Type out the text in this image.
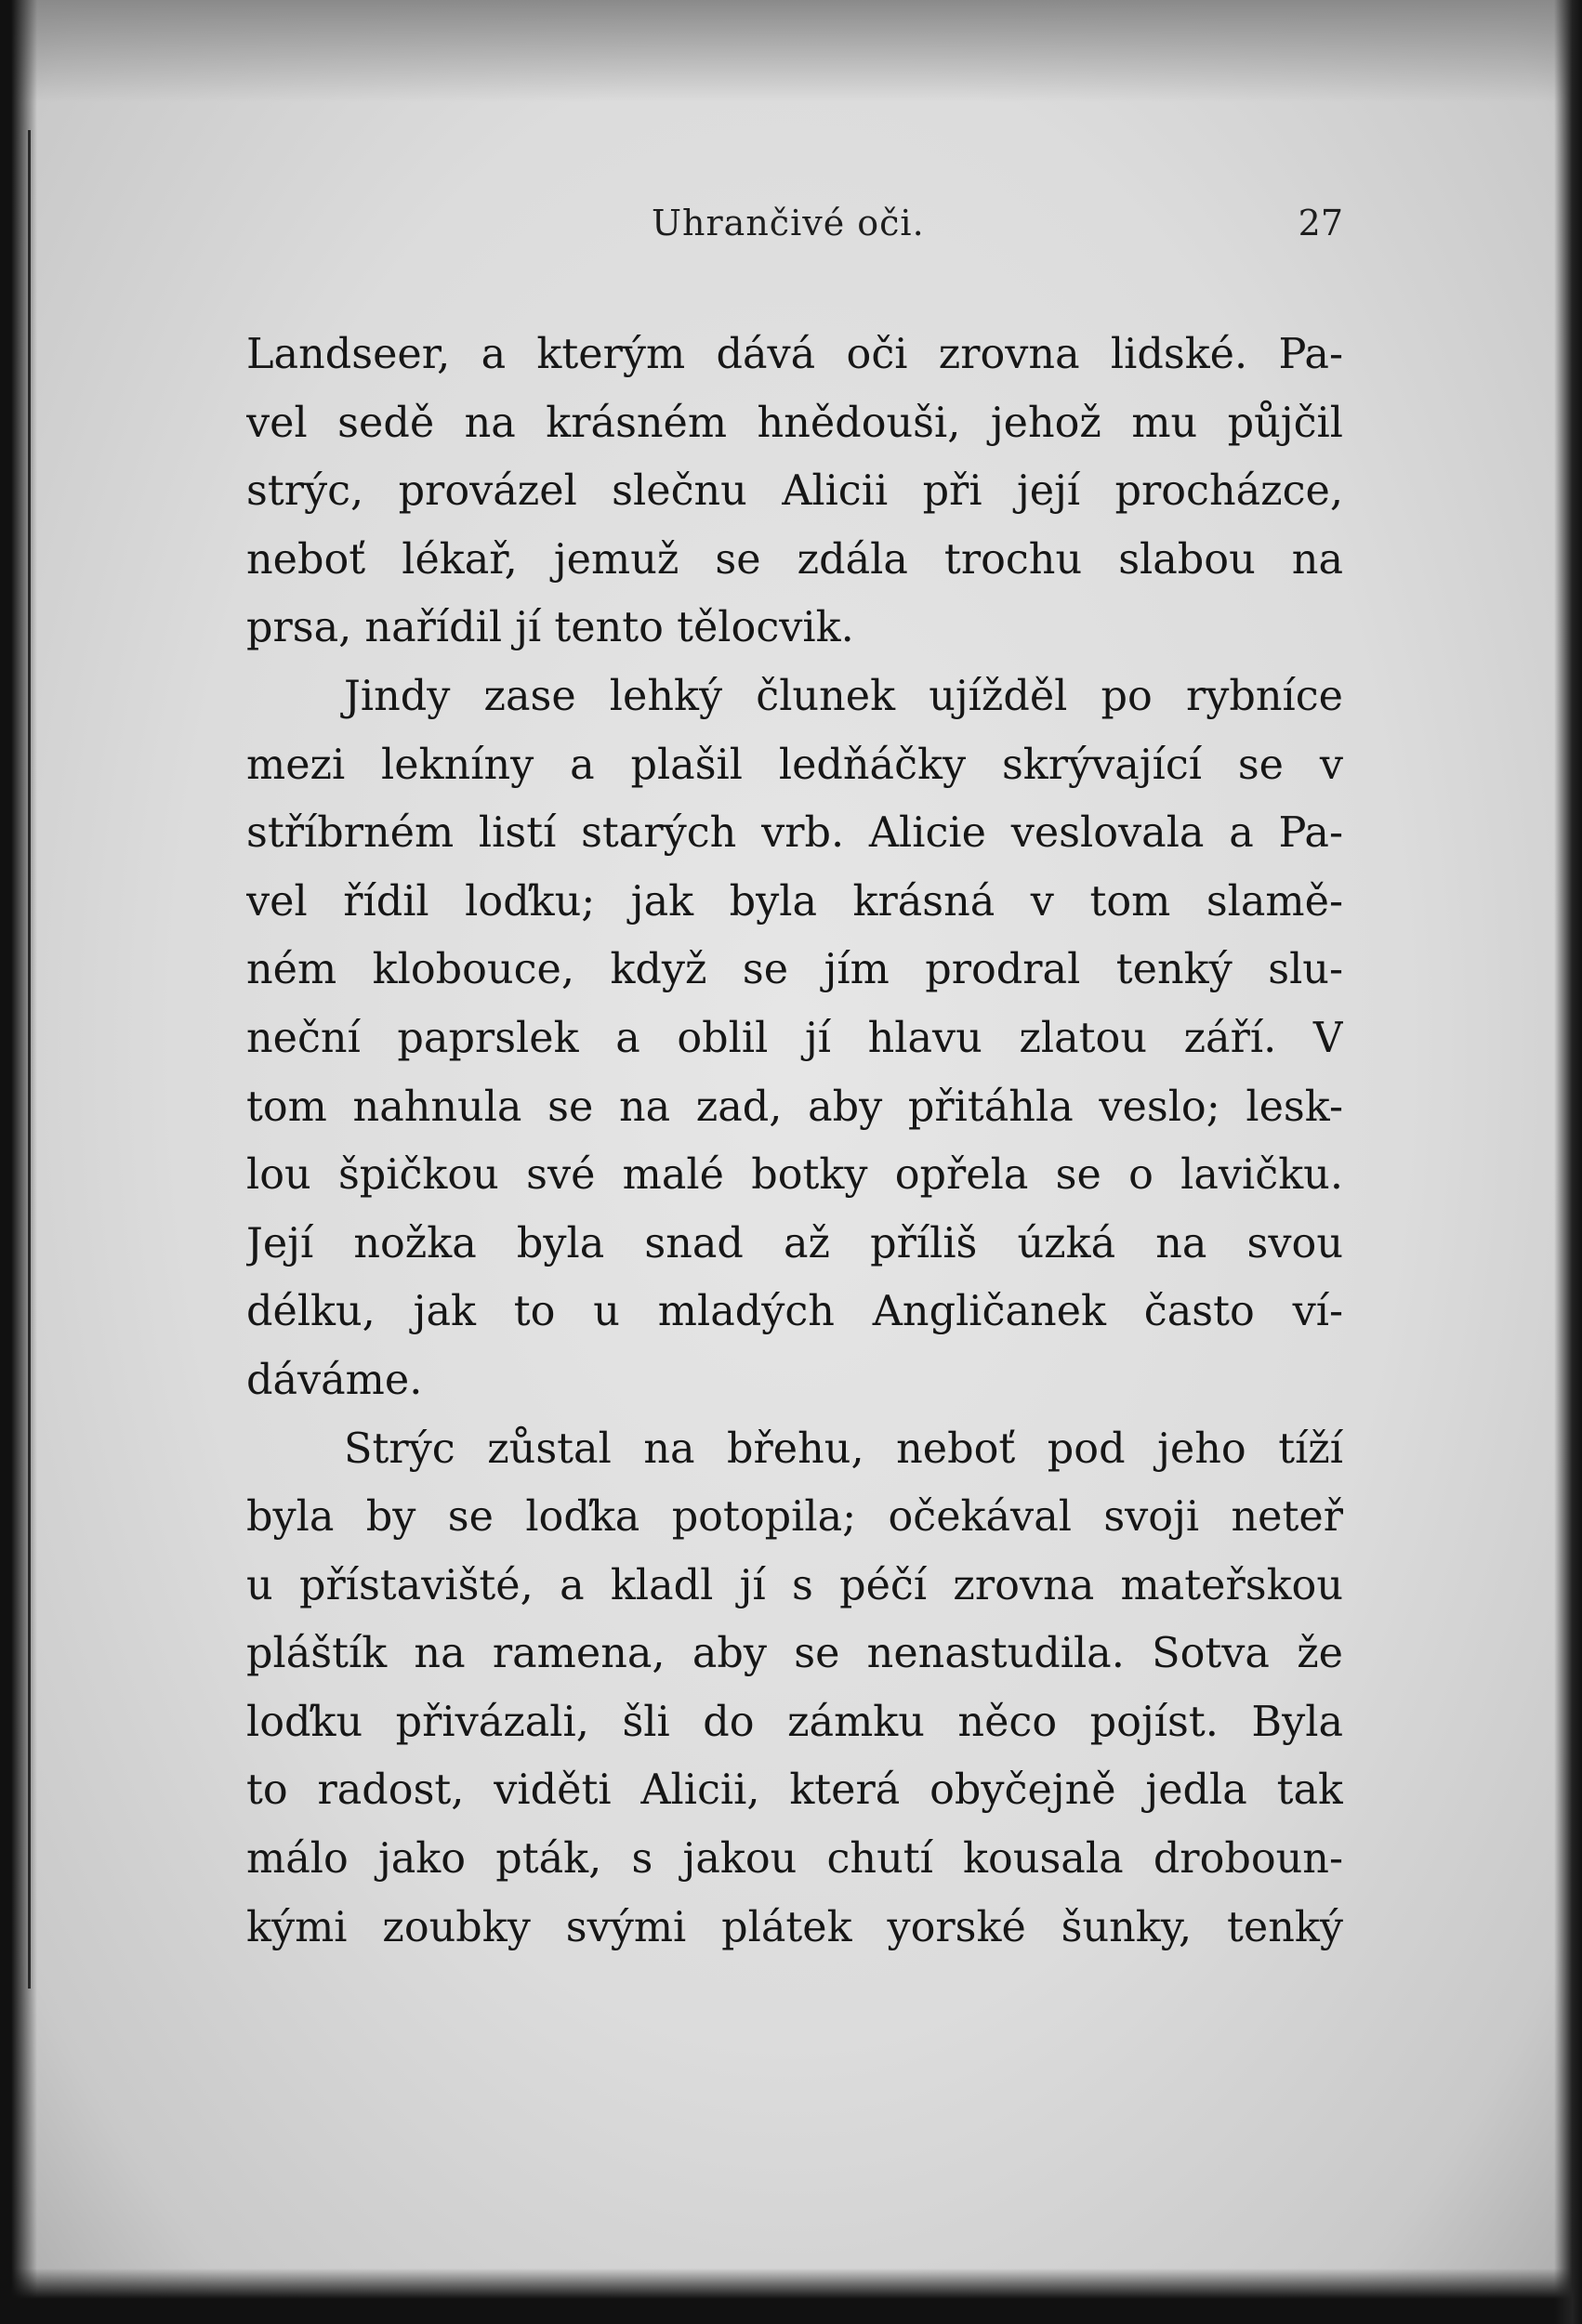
Uhrančivé oči.	27
Landseer, a kterým dává oči zrovna lidské. Pa-
vel sedě na krásném hnědouši, jehož mu půjčil
strýc, provázel slečnu Alicii při její procházce,
neboť lékař, jemuž se zdála trochu slabou na
prsa, nařídil jí tento tělocvik.
Jindy zase lehký člunek ujížděl po rybníce
mezi lekníny a plašil ledňáčky skrývající se v
stříbrném listí starých vrb. Alicie veslovala a Pa-
vel řídil loďku; jak byla krásná v tom slamě-
ném klobouce, když se jím prodral tenký slu-
neční paprslek a oblil jí hlavu zlatou září. V
tom nahnula se na zad, aby přitáhla veslo; lesk-
lou špičkou své malé botky opřela se o lavičku.
Její nožka byla snad až příliš úzká na svou
délku, jak to u mladých Angličanek často ví-
dáváme.
Strýc zůstal na břehu, neboť pod jeho tíží
byla by se loďka potopila; očekával svoji neteř
u přístavišté, a kladl jí s péčí zrovna mateřskou
pláštík na ramena, aby se nenastudila. Sotva že
loďku přivázali, šli do zámku něco pojíst. Byla
to radost, viděti Alicii, která obyčejně jedla tak
málo jako pták, s jakou chutí kousala droboun-
kými zoubky svými plátek yorské šunky, tenký
